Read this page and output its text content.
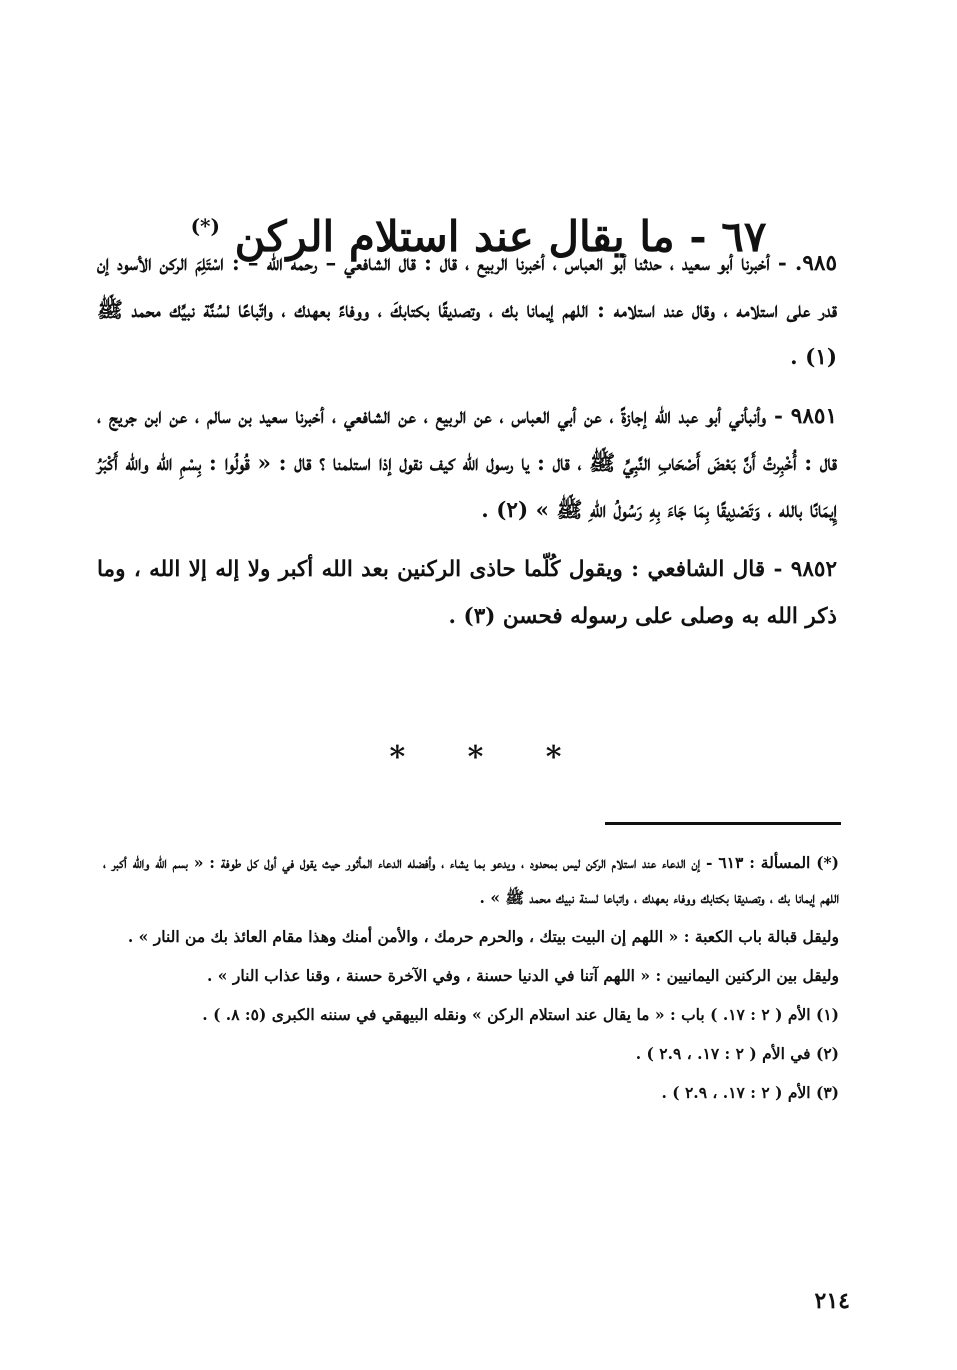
٦٧ - ما يقال عند استلام الركن (*)

٩٨٥. - أخبرنا أبو سعيد ، حدثنا أبو العباس ، أخبرنا الربيع ، قال : قال الشافعي – رحمه الله – : اسْتَلِمَ الركن الأسود إن قدر على استلامه ، وقال عند استلامه : اللهم إيمانا بك ، وتصديقًا بكتابكَ ، ووفاءً بعهدك ، واتّباعًا لسُنَّة نبيِّك محمد ﷺ (١) .

٩٨٥١ - وأنبأني أبو عبد الله إجازةً ، عن أبي العباس ، عن الربيع ، عن الشافعي ، أخبرنا سعيد بن سالم ، عن ابن جريج ، قال : أُخْبِرتُ أَنَّ بَعْضَ أَصْحَابِ النَّبِيِّ ﷺ ، قال : يا رسول الله كيف نقول إذا استلمنا ؟ قال : « قُولُوا : بِسْمِ الله والله أَكْبَرُ إِيمَانًا بالله ، وَتَصْدِيقًا بِمَا جَاءَ بِهِ رَسُولُ اللهِ ﷺ » (٢) .

٩٨٥٢ - قال الشافعي : ويقول كُلّما حاذى الركنين بعد الله أكبر ولا إله إلا الله ، وما ذكر الله به وصلى على رسوله فحسن (٣) .

* * *

(*) المسألة : ٦١٣ - إن الدعاء عند استلام الركن ليس بمحدود ، ويدعو بما يشاء ، وأفضله الدعاء المأثور حيث يقول في أول كل طوفة : « بسم الله والله أكبر ، اللهم إيمانا بك ، وتصديقا بكتابك ووفاء بعهدك ، واتباعا لسنة نبيك محمد ﷺ » .

وليقل قبالة باب الكعبة : « اللهم إن البيت بيتك ، والحرم حرمك ، والأمن أمنك وهذا مقام العائذ بك من النار » .

وليقل بين الركنين اليمانيين : « اللهم آتنا في الدنيا حسنة ، وفي الآخرة حسنة ، وقنا عذاب النار » .

(١) الأم ( ٢ : ١٧. ) باب : « ما يقال عند استلام الركن » ونقله البيهقي في سننه الكبرى (٥: ٨. ) .

(٢) في الأم ( ٢ : ١٧. ، ٢.٩ ) .

(٣) الأم ( ٢ : ١٧. ، ٢.٩ ) .

٢١٤
